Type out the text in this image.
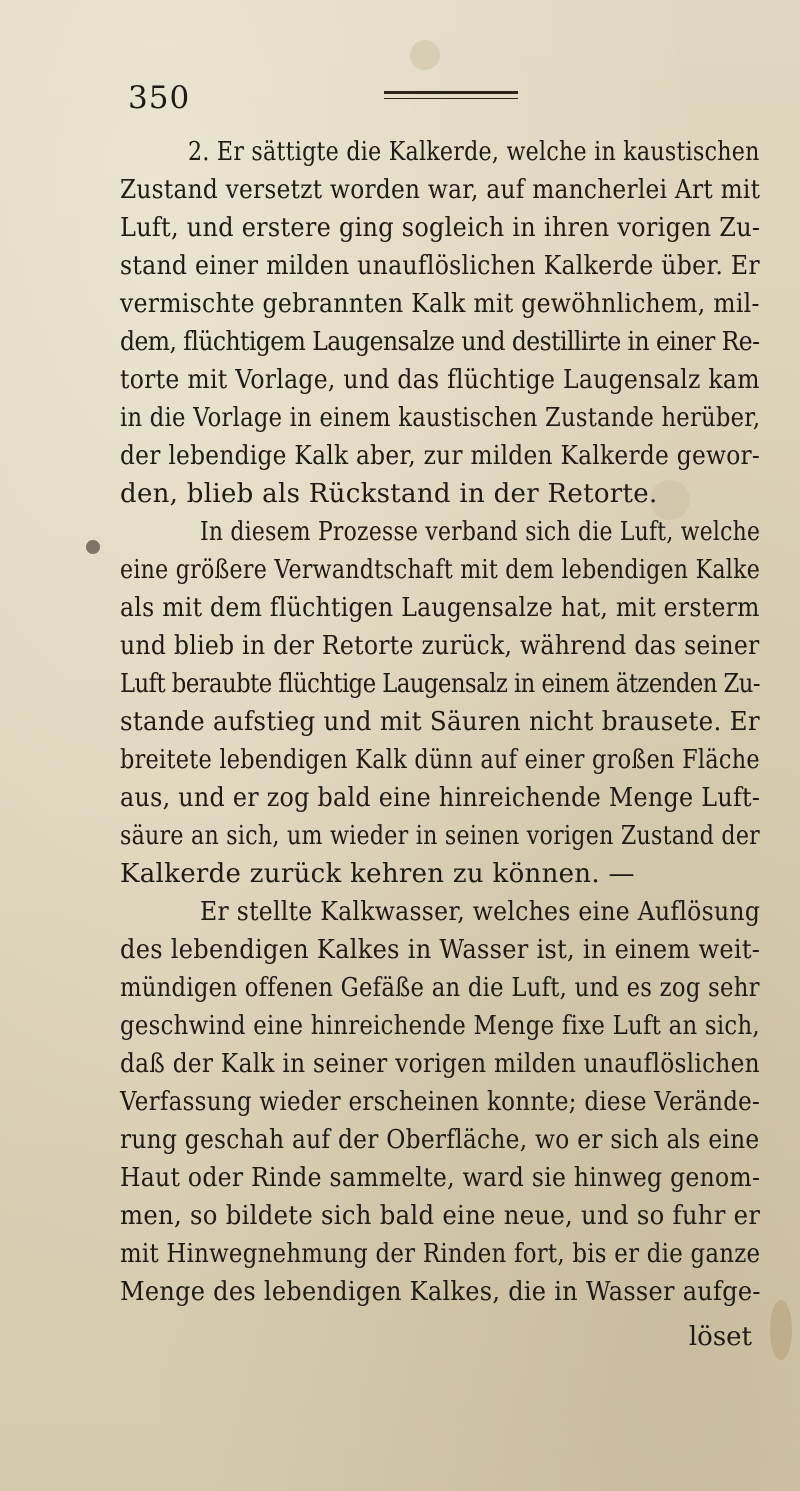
350
2. Er sättigte die Kalkerde, welche in kaustischen
Zustand versetzt worden war, auf mancherlei Art mit
Luft, und erstere ging sogleich in ihren vorigen Zu-
stand einer milden unauflöslichen Kalkerde über. Er
vermischte gebrannten Kalk mit gewöhnlichem, mil-
dem, flüchtigem Laugensalze und destillirte in einer Re-
torte mit Vorlage, und das flüchtige Laugensalz kam
in die Vorlage in einem kaustischen Zustande herüber,
der lebendige Kalk aber, zur milden Kalkerde gewor-
den, blieb als Rückstand in der Retorte.
In diesem Prozesse verband sich die Luft, welche
eine größere Verwandtschaft mit dem lebendigen Kalke
als mit dem flüchtigen Laugensalze hat, mit ersterm
und blieb in der Retorte zurück, während das seiner
Luft beraubte flüchtige Laugensalz in einem ätzenden Zu-
stande aufstieg und mit Säuren nicht brausete. Er
breitete lebendigen Kalk dünn auf einer großen Fläche
aus, und er zog bald eine hinreichende Menge Luft-
säure an sich, um wieder in seinen vorigen Zustand der
Kalkerde zurück kehren zu können. —
Er stellte Kalkwasser, welches eine Auflösung
des lebendigen Kalkes in Wasser ist, in einem weit-
mündigen offenen Gefäße an die Luft, und es zog sehr
geschwind eine hinreichende Menge fixe Luft an sich,
daß der Kalk in seiner vorigen milden unauflöslichen
Verfassung wieder erscheinen konnte; diese Verände-
rung geschah auf der Oberfläche, wo er sich als eine
Haut oder Rinde sammelte, ward sie hinweg genom-
men, so bildete sich bald eine neue, und so fuhr er
mit Hinwegnehmung der Rinden fort, bis er die ganze
Menge des lebendigen Kalkes, die in Wasser aufge-
löset
